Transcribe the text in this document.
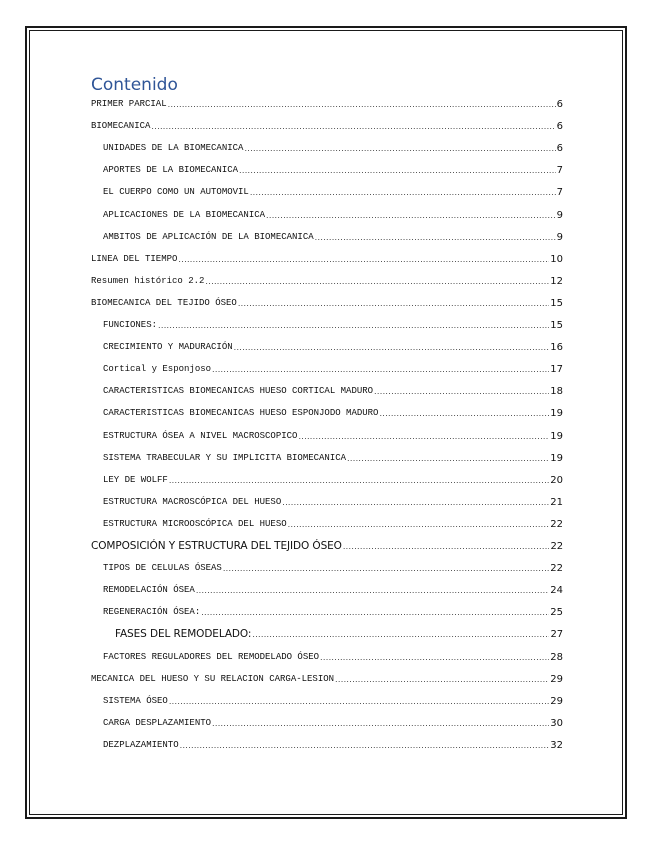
Contenido
PRIMER PARCIAL .....	6
BIOMECANICA .....	6
UNIDADES DE LA BIOMECANICA .....	6
APORTES DE LA BIOMECANICA .....	7
EL CUERPO COMO UN AUTOMOVIL .....	7
APLICACIONES DE LA BIOMECANICA .....	9
AMBITOS DE APLICACIÓN DE LA BIOMECANICA .....	9
LINEA DEL TIEMPO .....	10
Resumen histórico 2.2 .....	12
BIOMECANICA DEL TEJIDO ÓSEO .....	15
FUNCIONES: .....	15
CRECIMIENTO Y MADURACIÓN .....	16
Cortical y Esponjoso .....	17
CARACTERISTICAS BIOMECANICAS HUESO CORTICAL MADURO .....	18
CARACTERISTICAS BIOMECANICAS HUESO ESPONJODO MADURO .....	19
ESTRUCTURA ÓSEA A NIVEL MACROSCOPICO .....	19
SISTEMA TRABECULAR Y SU IMPLICITA BIOMECANICA .....	19
LEY DE WOLFF .....	20
ESTRUCTURA MACROSCÓPICA DEL HUESO .....	21
ESTRUCTURA MICROOSCÓPICA DEL HUESO .....	22
COMPOSICIÓN Y ESTRUCTURA DEL TEJIDO ÓSEO .....	22
TIPOS DE CELULAS ÓSEAS .....	22
REMODELACIÓN ÓSEA .....	24
REGENERACIÓN ÓSEA: .....	25
FASES DEL REMODELADO: .....	27
FACTORES REGULADORES DEL REMODELADO ÓSEO .....	28
MECANICA DEL HUESO Y SU RELACION CARGA-LESION .....	29
SISTEMA ÓSEO .....	29
CARGA DESPLAZAMIENTO .....	30
DEZPLAZAMIENTO .....	32
